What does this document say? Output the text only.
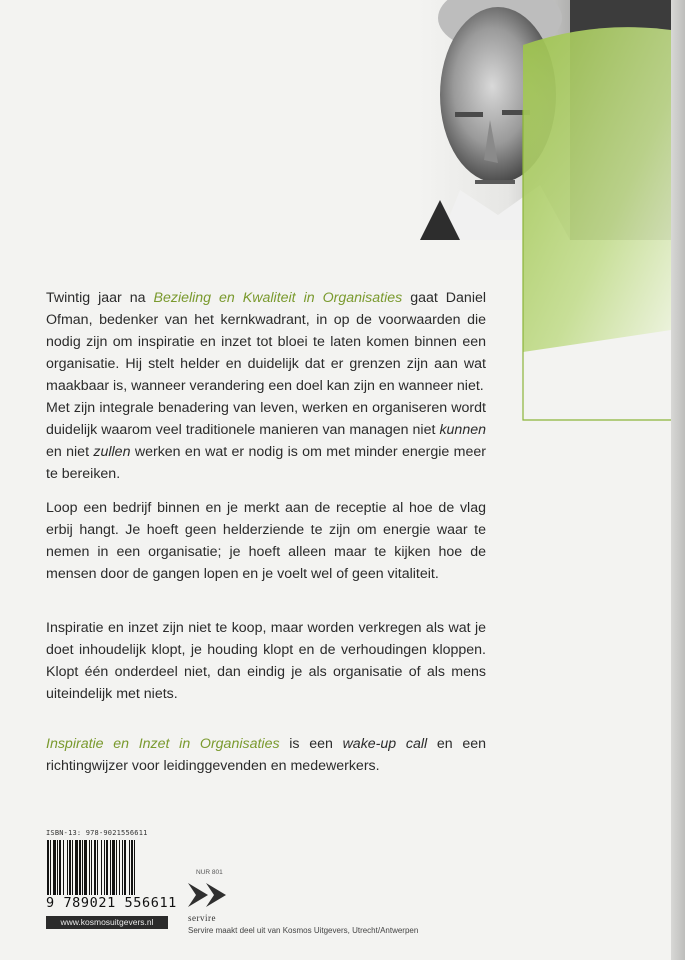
Twintig jaar na Bezieling en Kwaliteit in Organisaties gaat Daniel Ofman, bedenker van het kernkwadrant, in op de voorwaarden die nodig zijn om inspiratie en inzet tot bloei te laten komen binnen een organisatie. Hij stelt helder en duidelijk dat er grenzen zijn aan wat maakbaar is, wanneer verandering een doel kan zijn en wanneer niet.

Met zijn integrale benadering van leven, werken en organiseren wordt duidelijk waarom veel traditionele manieren van managen niet kunnen en niet zullen werken en wat er nodig is om met minder energie meer te bereiken.

Loop een bedrijf binnen en je merkt aan de receptie al hoe de vlag erbij hangt. Je hoeft geen helderziende te zijn om energie waar te nemen in een organisatie; je hoeft alleen maar te kijken hoe de mensen door de gangen lopen en je voelt wel of geen vitaliteit.

Inspiratie en inzet zijn niet te koop, maar worden verkregen als wat je doet inhoudelijk klopt, je houding klopt en de verhoudingen kloppen. Klopt één onderdeel niet, dan eindig je als organisatie of als mens uiteindelijk met niets.

Inspiratie en Inzet in Organisaties is een wake-up call en een richtingwijzer voor leidinggevenden en medewerkers.

ISBN-13: 978-9021556611
9 789021 556611
www.kosmosuitgevers.nl
NUR 801
servire
Servire maakt deel uit van Kosmos Uitgevers, Utrecht/Antwerpen
